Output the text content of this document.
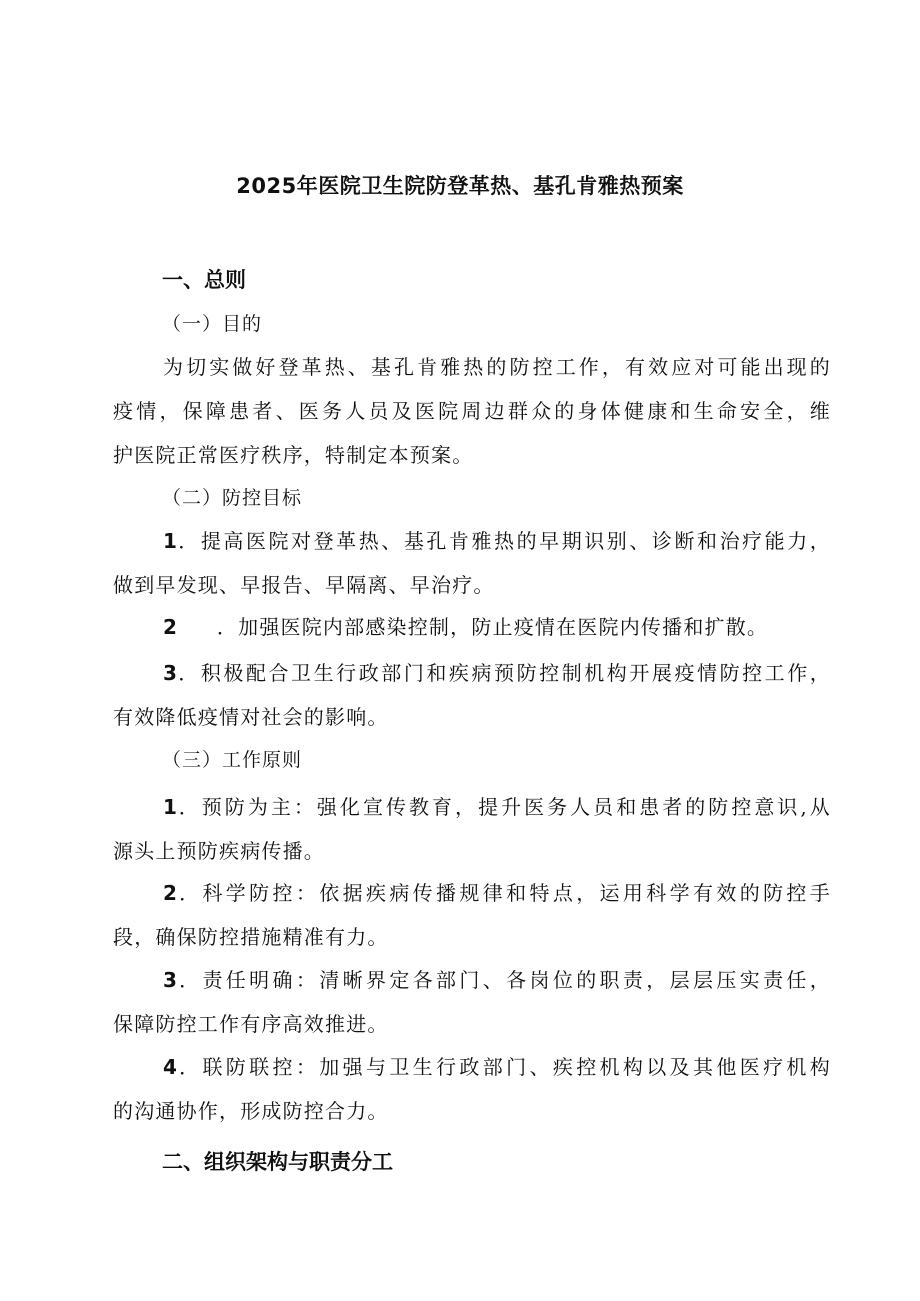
2025年医院卫生院防登革热、基孔肯雅热预案
一、总则
（一）目的
为切实做好登革热、基孔肯雅热的防控工作，有效应对可能出现的
疫情，保障患者、医务人员及医院周边群众的身体健康和生命安全，维
护医院正常医疗秩序，特制定本预案。
（二）防控目标
1．提高医院对登革热、基孔肯雅热的早期识别、诊断和治疗能力，
做到早发现、早报告、早隔离、早治疗。
2 ．加强医院内部感染控制，防止疫情在医院内传播和扩散。
3．积极配合卫生行政部门和疾病预防控制机构开展疫情防控工作，
有效降低疫情对社会的影响。
（三）工作原则
1．预防为主：强化宣传教育，提升医务人员和患者的防控意识,从
源头上预防疾病传播。
2．科学防控：依据疾病传播规律和特点，运用科学有效的防控手
段，确保防控措施精准有力。
3．责任明确：清晰界定各部门、各岗位的职责，层层压实责任，
保障防控工作有序高效推进。
4．联防联控：加强与卫生行政部门、疾控机构以及其他医疗机构
的沟通协作，形成防控合力。
二、组织架构与职责分工
